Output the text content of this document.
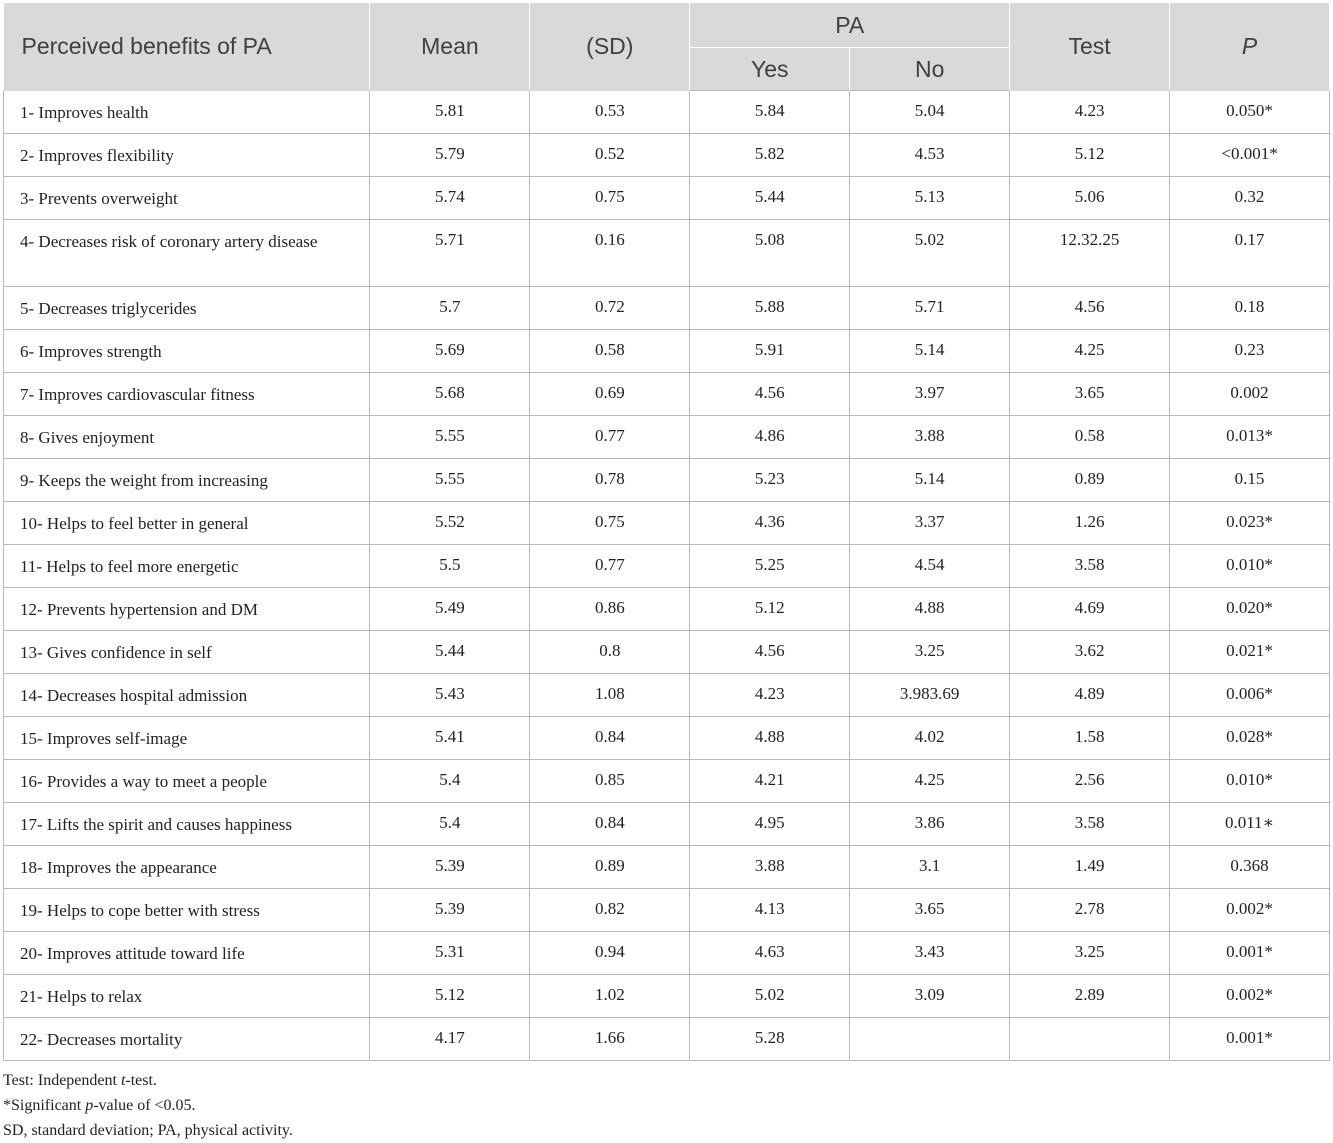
Perceived benefits of PA	Mean	(SD)	PA		Test	P
			Yes	No		
1- Improves health	5.81	0.53	5.84	5.04	4.23	0.050*
2- Improves flexibility	5.79	0.52	5.82	4.53	5.12	<0.001*
3- Prevents overweight	5.74	0.75	5.44	5.13	5.06	0.32
4- Decreases risk of coronary artery disease	5.71	0.16	5.08	5.02	12.32.25	0.17
5- Decreases triglycerides	5.7	0.72	5.88	5.71	4.56	0.18
6- Improves strength	5.69	0.58	5.91	5.14	4.25	0.23
7- Improves cardiovascular fitness	5.68	0.69	4.56	3.97	3.65	0.002
8- Gives enjoyment	5.55	0.77	4.86	3.88	0.58	0.013*
9- Keeps the weight from increasing	5.55	0.78	5.23	5.14	0.89	0.15
10- Helps to feel better in general	5.52	0.75	4.36	3.37	1.26	0.023*
11- Helps to feel more energetic	5.5	0.77	5.25	4.54	3.58	0.010*
12- Prevents hypertension and DM	5.49	0.86	5.12	4.88	4.69	0.020*
13- Gives confidence in self	5.44	0.8	4.56	3.25	3.62	0.021*
14- Decreases hospital admission	5.43	1.08	4.23	3.983.69	4.89	0.006*
15- Improves self-image	5.41	0.84	4.88	4.02	1.58	0.028*
16- Provides a way to meet a people	5.4	0.85	4.21	4.25	2.56	0.010*
17- Lifts the spirit and causes happiness	5.4	0.84	4.95	3.86	3.58	0.011∗
18- Improves the appearance	5.39	0.89	3.88	3.1	1.49	0.368
19- Helps to cope better with stress	5.39	0.82	4.13	3.65	2.78	0.002*
20- Improves attitude toward life	5.31	0.94	4.63	3.43	3.25	0.001*
21- Helps to relax	5.12	1.02	5.02	3.09	2.89	0.002*
22- Decreases mortality	4.17	1.66	5.28			0.001*
Test: Independent t-test.
*Significant p-value of <0.05.
SD, standard deviation; PA, physical activity.
